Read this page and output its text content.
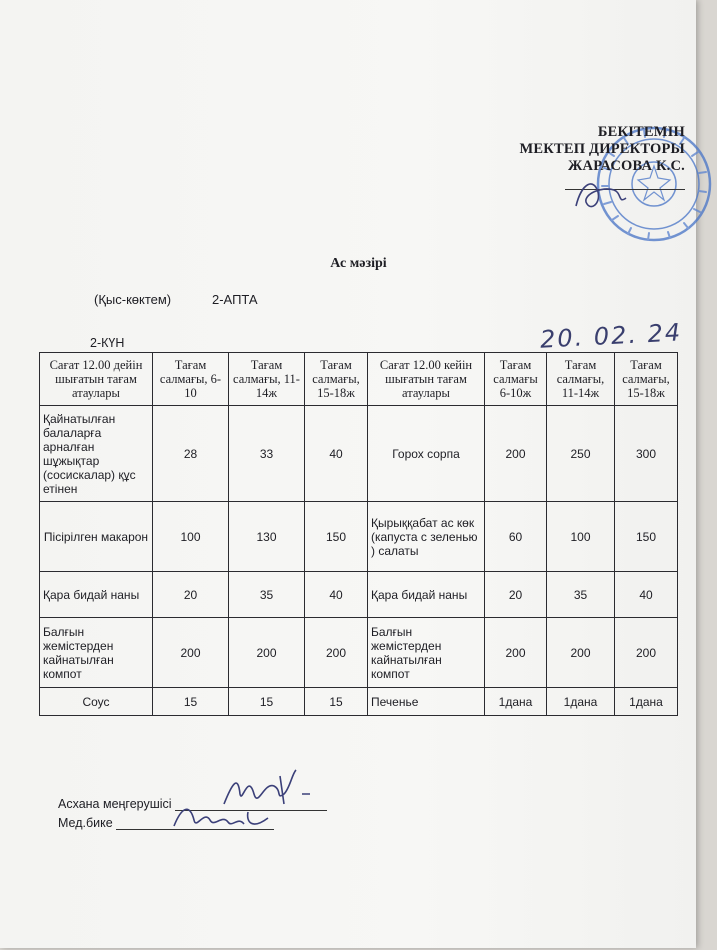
БЕКІТЕМІН
МЕКТЕП ДИРЕКТОРЫ
ЖАРАСОВА К.С.
Ас мәзірі
(Қыс-көктем)	2-АПТА
2-КҮН	20. 02. 24
Сағат 12.00 дейін шығатын тағам атаулары	Тағам салмағы, 6-10	Тағам салмағы, 11-14ж	Тағам салмағы, 15-18ж	Сағат 12.00 кейін шығатын тағам атаулары	Тағам салмағы 6-10ж	Тағам салмағы, 11-14ж	Тағам салмағы, 15-18ж
Қайнатылған балаларға арналған шұжықтар (сосискалар) құс етінен	28	33	40	Горох сорпа	200	250	300
Пісірілген макарон	100	130	150	Қырыққабат ас көк (капуста с зеленью ) салаты	60	100	150
Қара бидай наны	20	35	40	Қара бидай наны	20	35	40
Балғын жемістерден кайнатылған компот	200	200	200	Балғын жемістерден кайнатылған компот	200	200	200
Соус	15	15	15	Печенье	1дана	1дана	1дана
Асхана меңгерушісі
Мед.бике
